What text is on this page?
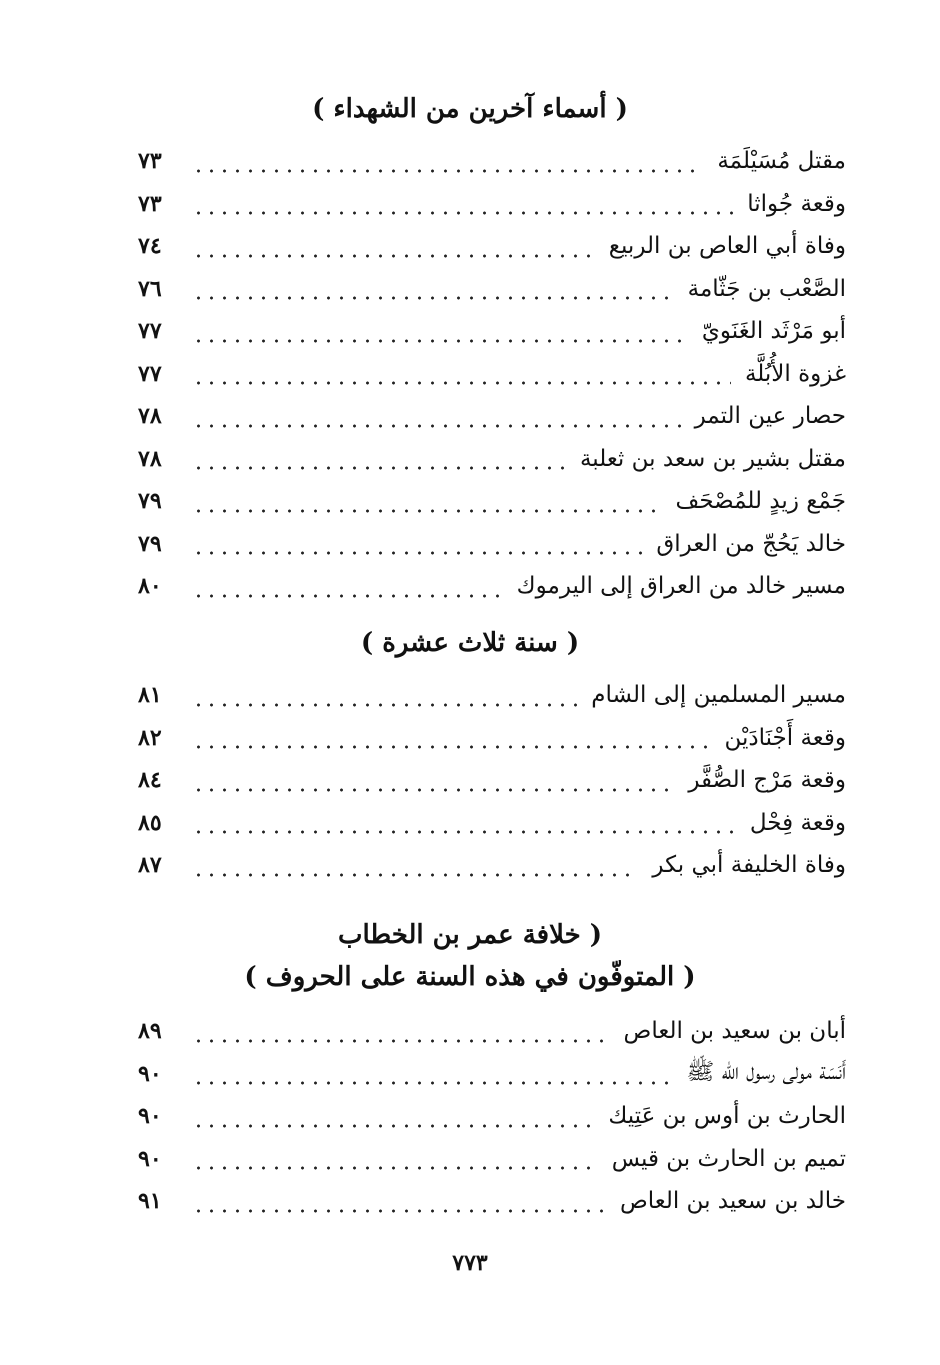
( أسماء آخرين من الشهداء )
مقتل مُسَيْلَمَة
٧٣
وقعة جُواثا
٧٣
وفاة أبي العاص بن الربيع
٧٤
الصَّعْب بن جَثّامة
٧٦
أبو مَرْثَد الغَنَويّ
٧٧
غزوة الأُبُلَّة
٧٧
حصار عين التمر
٧٨
مقتل بشير بن سعد بن ثعلبة
٧٨
جَمْع زيدٍ للمُصْحَف
٧٩
خالد يَحُجّ من العراق
٧٩
مسير خالد من العراق إلى اليرموك
٨٠
( سنة ثلاث عشرة )
مسير المسلمين إلى الشام
٨١
وقعة أَجْنَادَيْن
٨٢
وقعة مَرْج الصُّفَّر
٨٤
وقعة فِحْل
٨٥
وفاة الخليفة أبي بكر
٨٧
( خلافة عمر بن الخطاب
( المتوفّون في هذه السنة على الحروف )
أبان بن سعيد بن العاص
٨٩
أَنَسَة مولى رسول الله ﷺ
٩٠
الحارث بن أوس بن عَتِيك
٩٠
تميم بن الحارث بن قيس
٩٠
خالد بن سعيد بن العاص
٩١
٧٧٣
